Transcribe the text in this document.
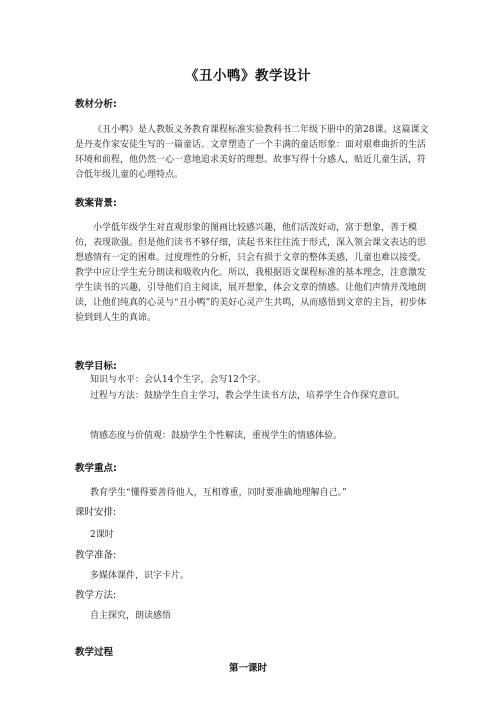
《丑小鸭》教学设计
教材分析:
《丑小鸭》是人教版义务教育课程标准实验教科书二年级下册中的第28课。这篇课文是丹麦作家安徒生写的一篇童话。文章塑造了一个丰满的童话形象：面对艰难曲折的生活环境和前程，他仍然一心一意地追求美好的理想。故事写得十分感人，贴近儿童生活，符合低年级儿童的心理特点。
教案背景:
小学低年级学生对直观形象的图画比较感兴趣，他们活泼好动，富于想象，善于模仿，表现欲强。但是他们读书不够仔细，读起书来往往流于形式，深入领会课文表达的思想感情有一定的困难。过度理性的分析，只会有损于文章的整体美感，儿童也难以接受。教学中应让学生充分朗读和吸收内化。所以，我根据语文课程标准的基本理念，注意激发学生读书的兴趣，引导他们自主阅读，展开想象，体会文章的情感。让他们声情并茂地朗读，让他们纯真的心灵与“丑小鸭”的美好心灵产生共鸣，从而感悟到文章的主旨，初步体验到到人生的真谛。
教学目标:
知识与水平：会认14个生字，会写12个字。
过程与方法：鼓励学生自主学习，教会学生读书方法，培养学生合作探究意识。
情感态度与价值观：鼓励学生个性解读，重视学生的情感体验。
教学重点:
教育学生“懂得要善待他人，互相尊重，同时要准确地理解自己。”
课时安排:
2课时
教学准备:
多媒体课件，识字卡片。
教学方法:
自主探究，朗读感悟
教学过程
第一课时
